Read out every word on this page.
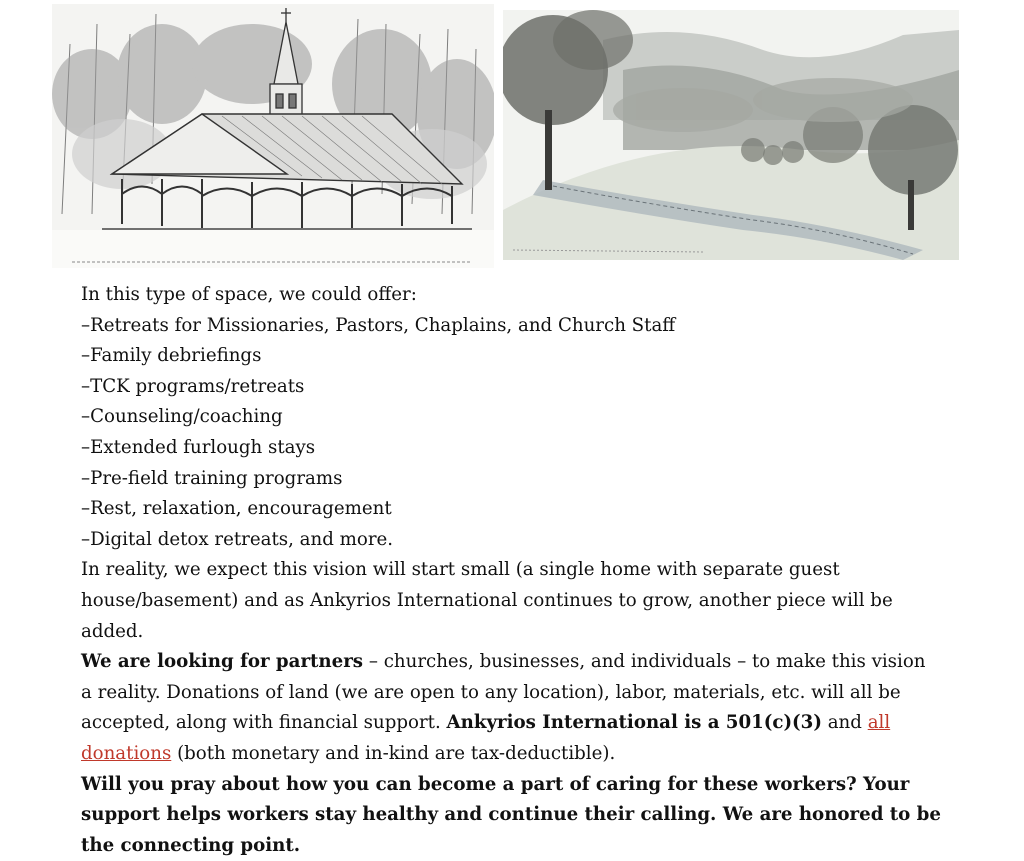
In this type of space, we could offer:

–Retreats for Missionaries, Pastors, Chaplains, and Church Staff

–Family debriefings

–TCK programs/retreats

–Counseling/coaching

–Extended furlough stays

–Pre-field training programs

–Rest, relaxation, encouragement

–Digital detox retreats, and more.

In reality, we expect this vision will start small (a single home with separate guest house/basement) and as Ankyrios International continues to grow, another piece will be added.

We are looking for partners – churches, businesses, and individuals – to make this vision a reality. Donations of land (we are open to any location), labor, materials, etc. will all be accepted, along with financial support. Ankyrios International is a 501(c)(3) and all donations (both monetary and in-kind are tax-deductible).

Will you pray about how you can become a part of caring for these workers? Your support helps workers stay healthy and continue their calling. We are honored to be the connecting point.
